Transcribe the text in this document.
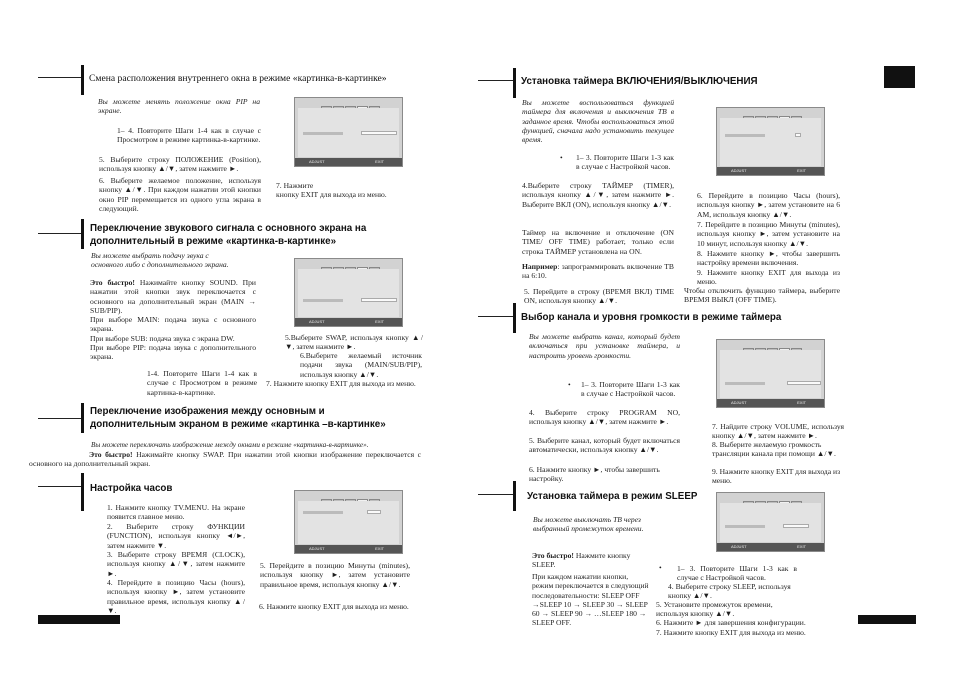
Смена расположения внутреннего окна в режиме «картинка-в-картинке»
Вы можете менять положение окна PIP на экране.
1– 4. Повторите Шаги 1-4 как в случае с Просмотром в режиме картинка-в-картинке.
5. Выберите строку ПОЛОЖЕНИЕ (Position), используя кнопку ▲/▼, затем нажмите ►.
6. Выберите желаемое положение, используя кнопку ▲/▼. При каждом нажатии этой кнопки окно PIP перемещается из одного угла экрана в следующий.
7. Нажмите
кнопку EXIT для выхода из меню.
ADJUST	EXIT
Переключение звукового сигнала с основного экрана на дополнительный в режиме «картинка-в-картинке»
Вы можете выбрать подачу звука с основного либо с дополнительного экрана.
Это быстро! Нажимайте кнопку SOUND. При нажатии этой кнопки звук переключается с основного на дополнительный экран (MAIN → SUB/PIP).
При выборе MAIN: подача звука с основного экрана.
При выборе SUB: подача звука с экрана DW.
При выборе PIP: подача звука с дополнительного экрана.
1-4. Повторите Шаги 1-4 как в случае с Просмотром в режиме картинка-в-картинке.
5.Выберите SWAP, используя кнопку ▲/▼, затем нажмите ►.
6.Выберите желаемый источник подачи звука (MAIN/SUB/PIP), используя кнопку ▲/▼.
7. Нажмите кнопку EXIT для выхода из меню.
ADJUST	EXIT
Переключение изображения между основным и дополнительным экраном в режиме «картинка –в-картинке»
Вы можете переключать изображение между окнами в режиме «картинка-в-картинке».
Это быстро! Нажимайте кнопку SWAP. При нажатии этой кнопки изображение переключается с основного на дополнительный экран.
Настройка часов
1. Нажмите кнопку TV.MENU. На экране появится главное меню.
2. Выберите строку ФУНКЦИИ (FUNCTION), используя кнопку ◄/►, затем нажмите ▼.
3. Выберите строку ВРЕМЯ (CLOCK), используя кнопку ▲/▼, затем нажмите ►.
4. Перейдите в позицию Часы (hours), используя кнопку ►, затем установите правильное время, используя кнопку ▲/▼.
5. Перейдите в позицию Минуты (minutes), используя кнопку ►, затем установите правильное время, используя кнопку ▲/▼.
6. Нажмите кнопку EXIT для выхода из меню.
ADJUST	EXIT
Установка таймера ВКЛЮЧЕНИЯ/ВЫКЛЮЧЕНИЯ
Вы можете воспользоваться функцией таймера для включения и выключения ТВ в заданное время. Чтобы воспользоваться этой функцией, сначала надо установить текущее время.
•	1– 3. Повторите Шаги 1-3 как в случае с Настройкой часов.
4.Выберите строку ТАЙМЕР (TIMER), используя кнопку ▲/▼, затем нажмите ►. Выберите ВКЛ (ON), используя кнопку ▲/▼.
Таймер на включение и отключение (ON TIME/ OFF TIME) работает, только если строка ТАЙМЕР установлена на ON.
Например: запрограммировать включение ТВ на 6:10.
5. Перейдите в строку (ВРЕМЯ ВКЛ) TIME ON, используя кнопку ▲/▼.
6. Перейдите в позицию Часы (hours), используя кнопку ►, затем установите на 6 AM, используя кнопку ▲/▼.
7. Перейдите в позицию Минуты (minutes), используя кнопку ►, затем установите на 10 минут, используя кнопку ▲/▼.
8. Нажмите кнопку ►, чтобы завершить настройку времени включения.
9. Нажмите кнопку EXIT для выхода из меню.
Чтобы отключить функцию таймера, выберите ВРЕМЯ ВЫКЛ (OFF TIME).
ADJUST	EXIT
Выбор канала и уровня громкости в режиме таймера
Вы можете выбрать канал, который будет включаться при установке таймера, и настроить уровень громкости.
•	1– 3. Повторите Шаги 1-3 как в случае с Настройкой часов.
4. Выберите строку PROGRAM NO, используя кнопку ▲/▼, затем нажмите ►.
5. Выберите канал, который будет включаться автоматически, используя кнопку ▲/▼.
6. Нажмите кнопку ►, чтобы завершить настройку.
7. Найдите строку VOLUME, используя кнопку ▲/▼, затем нажмите ►.
8. Выберите желаемую громкость трансляции канала при помощи ▲/▼.
9. Нажмите кнопку EXIT для выхода из меню.
ADJUST	EXIT
Установка таймера в режим SLEEP
Вы можете выключать ТВ через выбранный промежуток времени.
Это быстро! Нажмите кнопку SLEEP.
При каждом нажатии кнопки, режим переключается в следующий последовательности: SLEEP OFF →SLEEP 10 → SLEEP 30 → SLEEP 60 → SLEEP 90 → …SLEEP 180 → SLEEP OFF.
•	1– 3. Повторите Шаги 1-3 как в случае с Настройкой часов.
4. Выберите строку SLEEP, используя кнопку ▲/▼.
5. Установите промежуток времени, используя кнопку ▲/▼.
6. Нажмите ► для завершения конфигурации.
7. Нажмите кнопку EXIT для выхода из меню.
ADJUST	EXIT
